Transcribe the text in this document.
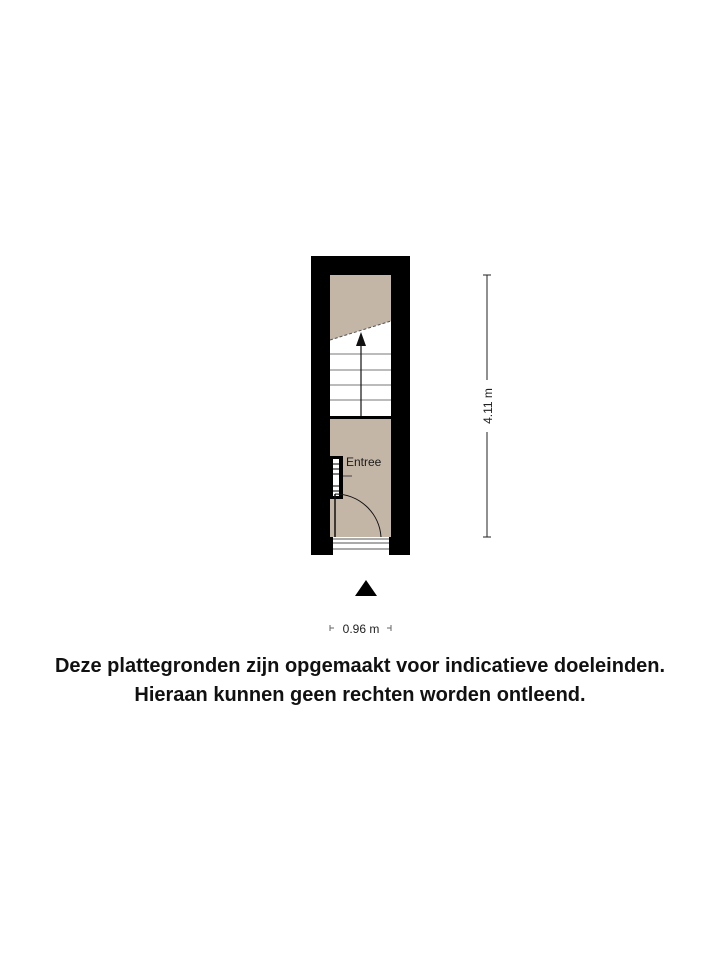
Entree
4.11 m
0.96 m
Deze plattegronden zijn opgemaakt voor indicatieve doeleinden.
Hieraan kunnen geen rechten worden ontleend.
